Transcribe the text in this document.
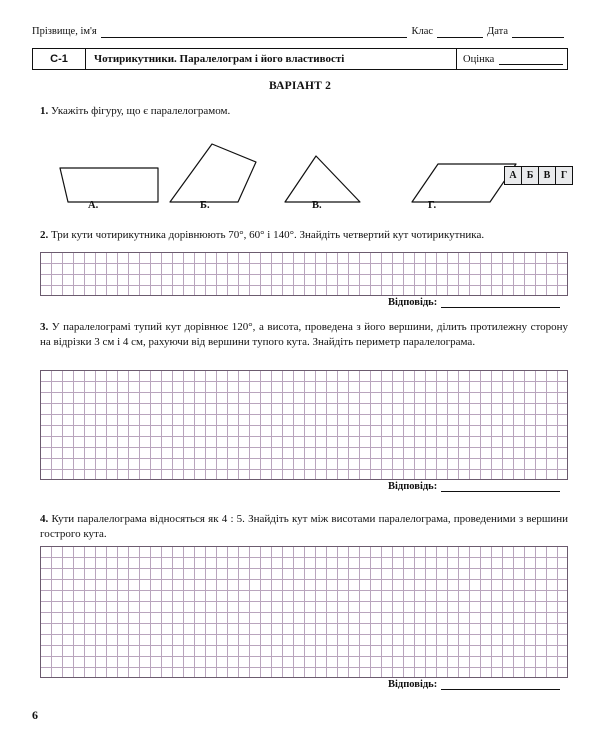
Прізвище, ім'я	Клас	Дата
С-1	Чотирикутники. Паралелограм і його властивості	Оцінка
ВАРІАНТ 2
1. Укажіть фігуру, що є паралелограмом.
А	Б	В	Г
А.	Б.	В.	Г.
2. Три кути чотирикутника дорівнюють 70°, 60° і 140°. Знайдіть четвертий кут чотирикутника.
Відповідь:
3. У паралелограмі тупий кут дорівнює 120°, а висота, проведена з його вершини, ділить протилежну сторону на відрізки 3 см і 4 см, рахуючи від вершини тупого кута. Знайдіть периметр паралелограма.
Відповідь:
4. Кути паралелограма відносяться як 4 : 5. Знайдіть кут між висотами паралелограма, проведеними з вершини гострого кута.
Відповідь:
6
